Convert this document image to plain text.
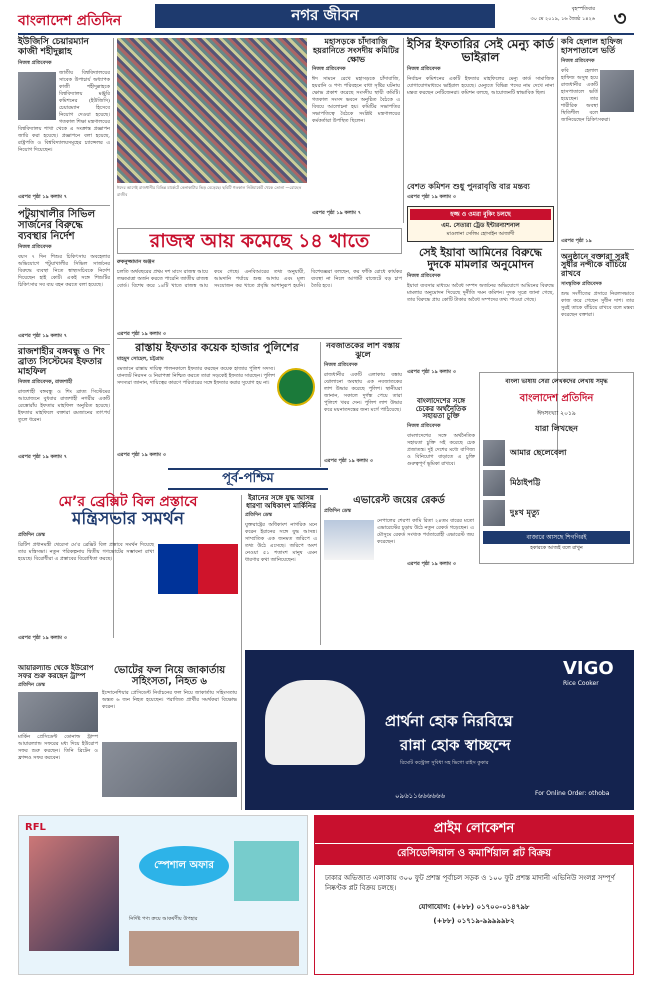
বাংলাদেশ প্রতিদিন	নগর জীবন	বৃহস্পতিবার
৩০ মে ২০১৯, ১৬ জ্যৈষ্ঠ ১৪২৬ ৩
ইউজিসি চেয়ারম্যান কাজী শহীদুল্লাহ
নিজস্ব প্রতিবেদক
জাতীয় বিশ্ববিদ্যালয়ের সাবেক উপাচার্য অধ্যাপক কাজী শহীদুল্লাহকে বিশ্ববিদ্যালয় মঞ্জুরি কমিশনের (ইউজিসি) চেয়ারম্যান হিসেবে নিয়োগ দেওয়া হয়েছে। গতকাল শিক্ষা মন্ত্রণালয়ের বিশ্ববিদ্যালয় শাখা থেকে এ সংক্রান্ত প্রজ্ঞাপন জারি করা হয়েছে। প্রজ্ঞাপনে বলা হয়েছে, রাষ্ট্রপতি ও বিশ্ববিদ্যালয়সমূহের চ্যান্সেলর এ নিয়োগ দিয়েছেন।
এরপর পৃষ্ঠা ১৯ কলাম ৭
পটুয়াখালীর সিভিল সার্জনের বিরুদ্ধে ব্যবস্থার নির্দেশ
নিজস্ব প্রতিবেদক
বয়স ৭ দিন শিশুর চিকিৎসায় অবহেলার অভিযোগে পটুয়াখালীর সিভিল সার্জনের বিরুদ্ধে ব্যবস্থা নিতে স্বাস্থ্যসচিবকে নির্দেশ দিয়েছেন হাই কোর্ট। একই সঙ্গে শিশুটির চিকিৎসার সব ব্যয় বহন করতে বলা হয়েছে।
এরপর পৃষ্ঠা ১৯ কলাম ৭
রাজশাহীর বঙ্গবন্ধু ও শিং ব্রাত্য সিস্টেমের ইফতার মাহফিল
নিজস্ব প্রতিবেদক, রাজশাহী
রাজশাহী বঙ্গবন্ধু ও শিং ব্রাত্য সিস্টেমের আয়োজনে বুধবার রাজশাহী নগরীর একটি রেস্তোরাঁয় ইফতার মাহফিল অনুষ্ঠিত হয়েছে। ইফতার মাহফিলে বক্তারা রমজানের তাৎপর্য তুলে ধরেন।
এরপর পৃষ্ঠা ১৯ কলাম ৭
ঈদের আগেই রাজধানীর বিভিন্ন মার্কেটে কেনাকাটার ভিড় বেড়েছে। ছবিটি গতকাল নিউমার্কেট থেকে তোলা —রোহেত রাজীব
মহাসড়কে চাঁদাবাজি হয়রানিতে সংসদীয় কমিটির ক্ষোভ
নিজস্ব প্রতিবেদক
ঈদ সামনে রেখে মহাসড়কে চাঁদাবাজি, হয়রানি ও পণ্য পরিবহনে বাধা সৃষ্টির ঘটনায় ক্ষোভ প্রকাশ করেছে সংসদীয় স্থায়ী কমিটি। গতকাল সংসদ ভবনে অনুষ্ঠিত বৈঠকে এ বিষয়ে আলোচনা হয়। কমিটির সভাপতির সভাপতিত্বে বৈঠকে সংশ্লিষ্ট মন্ত্রণালয়ের কর্মকর্তারা উপস্থিত ছিলেন।
এরপর পৃষ্ঠা ১৯ কলাম ৭
ইসির ইফতারির সেই মেন্যু কার্ড ভাইরাল
নিজস্ব প্রতিবেদক
নির্বাচন কমিশনের একটি ইফতার মাহফিলের মেন্যু কার্ড সামাজিক যোগাযোগমাধ্যমে ভাইরাল হয়েছে। মেন্যুতে বিভিন্ন পদের নাম দেখে নানা মন্তব্য করছেন নেটিজেনরা। কমিশন বলছে, আয়োজনটি স্বাভাবিক ছিল।
বেশত কমিশন শুধু পুনরাবৃত্তি বার মন্তব্য
এরপর পৃষ্ঠা ১৯ কলাম ৩
হজ্জ ও ওমরা বুকিং চলছে
এম. সেতারা ট্রেড ইন্টারন্যাশনাল
মাওলানা সেলিম হোসাইন আজাদী
সেই ইয়াবা আমিনের বিরুদ্ধে দুদকে মামলার অনুমোদন
নিজস্ব প্রতিবেদক
ইয়াবা ব্যবসার মাধ্যমে অবৈধ সম্পদ অর্জনের অভিযোগে আমিনের বিরুদ্ধে মামলার অনুমোদন দিয়েছে দুর্নীতি দমন কমিশন। দুদক সূত্রে জানা গেছে, তার বিরুদ্ধে প্রায় কোটি টাকার অবৈধ সম্পদের তথ্য পাওয়া গেছে।
এরপর পৃষ্ঠা ১৯ কলাম ৩
কবি হেলাল হাফিজ হাসপাতালে ভর্তি
নিজস্ব প্রতিবেদক
কবি হেলাল হাফিজ অসুস্থ হয়ে রাজধানীর একটি হাসপাতালে ভর্তি হয়েছেন। তার শারীরিক অবস্থা স্থিতিশীল বলে জানিয়েছেন চিকিৎসকরা।
এরপর পৃষ্ঠা ১৯
অনুষ্ঠানে বক্তারা সুরই সুধীর নন্দীকে বাঁচিয়ে রাখবে
সাংস্কৃতিক প্রতিবেদক
শুদ্ধ সংগীতের প্রসারে নিরলসভাবে কাজ করে গেছেন সুধীন দাশ। তার সুরই তাকে বাঁচিয়ে রাখবে বলে মন্তব্য করেছেন বক্তারা।
রাজস্ব আয় কমেছে ১৪ খাতে
রুকনুজ্জামান অঞ্জন
চলতি অর্থবছরের প্রথম দশ মাসে রাজস্ব আয়ে লক্ষ্যমাত্রা অর্জন করতে পারেনি জাতীয় রাজস্ব বোর্ড। বিশেষ করে ১৪টি খাতে রাজস্ব আয় কমে গেছে। এনবিআরের তথ্য অনুযায়ী, আমদানি পর্যায়ে শুল্ক আদায় এবং মূল্য সংযোজন কর খাতে প্রবৃদ্ধি আশানুরূপ হয়নি। বিশেষজ্ঞরা বলছেন, কর ফাঁকি রোধে কার্যকর ব্যবস্থা না নিলে আগামী বাজেটে বড় চাপ তৈরি হবে।
এরপর পৃষ্ঠা ১৯ কলাম ৩
রাস্তায় ইফতার কয়েক হাজার পুলিশের
মাহমুদ সোহেল, চট্টগ্রাম
রমজানে রাস্তায় দায়িত্ব পালনকালে ইফতার করছেন কয়েক হাজার পুলিশ সদস্য। যানজট নিরসন ও নিরাপত্তা নিশ্চিত করতে তারা সড়কেই ইফতার সারছেন। পুলিশ সদস্যরা জানান, দায়িত্বের কারণে পরিবারের সঙ্গে ইফতার করার সুযোগ হয় না।
এরপর পৃষ্ঠা ১৯ কলাম ৩
নবজাতকের লাশ বস্তায় ঝুলে
নিজস্ব প্রতিবেদক
রাজধানীর একটি এলাকায় বস্তায় ঝোলানো অবস্থায় এক নবজাতকের লাশ উদ্ধার করেছে পুলিশ। স্থানীয়রা জানান, সকালে দুর্গন্ধ পেয়ে তারা পুলিশে খবর দেন। পুলিশ লাশ উদ্ধার করে ময়নাতদন্তের জন্য মর্গে পাঠিয়েছে।
এরপর পৃষ্ঠা ১৯ কলাম ৩
বাংলাদেশের সঙ্গে চেকের অর্থনৈতিক সহায়তা চুক্তি
নিজস্ব প্রতিবেদক
বাংলাদেশের সঙ্গে অর্থনৈতিক সহায়তা চুক্তি সই করেছে চেক প্রজাতন্ত্র। দুই দেশের মধ্যে বাণিজ্য ও বিনিয়োগ বাড়াতে এ চুক্তি গুরুত্বপূর্ণ ভূমিকা রাখবে।
এরপর পৃষ্ঠা ১৯ কলাম ৩
বাংলা ভাষায় সেরা লেখকদের লেখায় সমৃদ্ধ
বাংলাদেশ প্রতিদিন
ঈদসংখ্যা ২০১৯
যারা লিখছেন
আমার ছেলেবেলা
মিঠাইপট্টি
দুঃখ মৃত্যু
বাজারে আসছে শিগগিরই
হকারকে আজই বলে রাখুন
পূর্ব-পশ্চিম
মে’র ব্রেক্সিট বিল প্রস্তাবে
মন্ত্রিসভার সমর্থন
প্রতিদিন ডেস্ক
ব্রিটিশ প্রধানমন্ত্রী থেরেসা মে’র ব্রেক্সিট বিল প্রস্তাবে সমর্থন দিয়েছে তার মন্ত্রিসভা। নতুন পরিকল্পনায় দ্বিতীয় গণভোটের সম্ভাবনা রাখা হয়েছে। বিরোধীরা এ প্রস্তাবের বিরোধিতা করছে।
এরপর পৃষ্ঠা ১৯ কলাম ৩
আয়ারল্যান্ড থেকে ইউরোপ সফর শুরু করছেন ট্রাম্প
প্রতিদিন ডেস্ক
মার্কিন প্রেসিডেন্ট ডোনাল্ড ট্রাম্প আয়ারল্যান্ড সফরের মধ্য দিয়ে ইউরোপ সফর শুরু করছেন। তিনি ব্রিটেন ও ফ্রান্সও সফর করবেন।
ভোটের ফল নিয়ে জাকার্তায় সহিংসতা, নিহত ৬
ইন্দোনেশিয়ার প্রেসিডেন্ট নির্বাচনের ফল নিয়ে জাকার্তায় সহিংসতায় অন্তত ৬ জন নিহত হয়েছেন। পরাজিত প্রার্থীর সমর্থকরা বিক্ষোভ করেন।
ইরানের সঙ্গে যুদ্ধ আসন্ন ধারণা অধিকাংশ মার্কিনির
প্রতিদিন ডেস্ক
যুক্তরাষ্ট্রের অধিকাংশ নাগরিক মনে করেন ইরানের সঙ্গে যুদ্ধ আসন্ন। সাম্প্রতিক এক জনমত জরিপে এ তথ্য উঠে এসেছে। জরিপে অংশ নেওয়া ৫১ শতাংশ মানুষ এমন ধারণার কথা জানিয়েছেন।
এভারেস্ট জয়ের রেকর্ড
প্রতিদিন ডেস্ক
নেপালের শেরপা কামি রিতা ২৪তম বারের মতো এভারেস্টের চূড়ায় উঠে নতুন রেকর্ড গড়েছেন। এ মৌসুমে রেকর্ড সংখ্যক পর্বতারোহী এভারেস্ট জয় করেছেন।
VIGO
Rice Cooker
প্রার্থনা হোক নিরবিঘ্নে
রান্না হোক স্বাচ্ছন্দে
রিমোট কন্ট্রোল সুবিধা সহ ভিগো রাইস কুকার
০৯৬১১৬৬৬৬৬৬	For Online Order: othoba
RFL
স্পেশাল অফার
নির্দিষ্ট পণ্য ক্রয়ে আকর্ষণীয় উপহার
প্রাইম লোকেশন
রেসিডেন্সিয়াল ও কমার্শিয়াল প্লট বিক্রয়
ঢাকার অভিজাত এলাকায় ৩০০ ফুট প্রশস্ত পূর্বাচল সড়ক ও ১০০ ফুট প্রশস্ত মাদানী এভিনিউ সংলগ্ন সম্পূর্ণ নিষ্কণ্টক প্লট বিক্রয় চলছে।
যোগাযোগ: (+৮৮) ০১৭০০-০১৪৭৯৮
(+৮৮) ০১৭১৯-৯৯৯৯৯৮২
